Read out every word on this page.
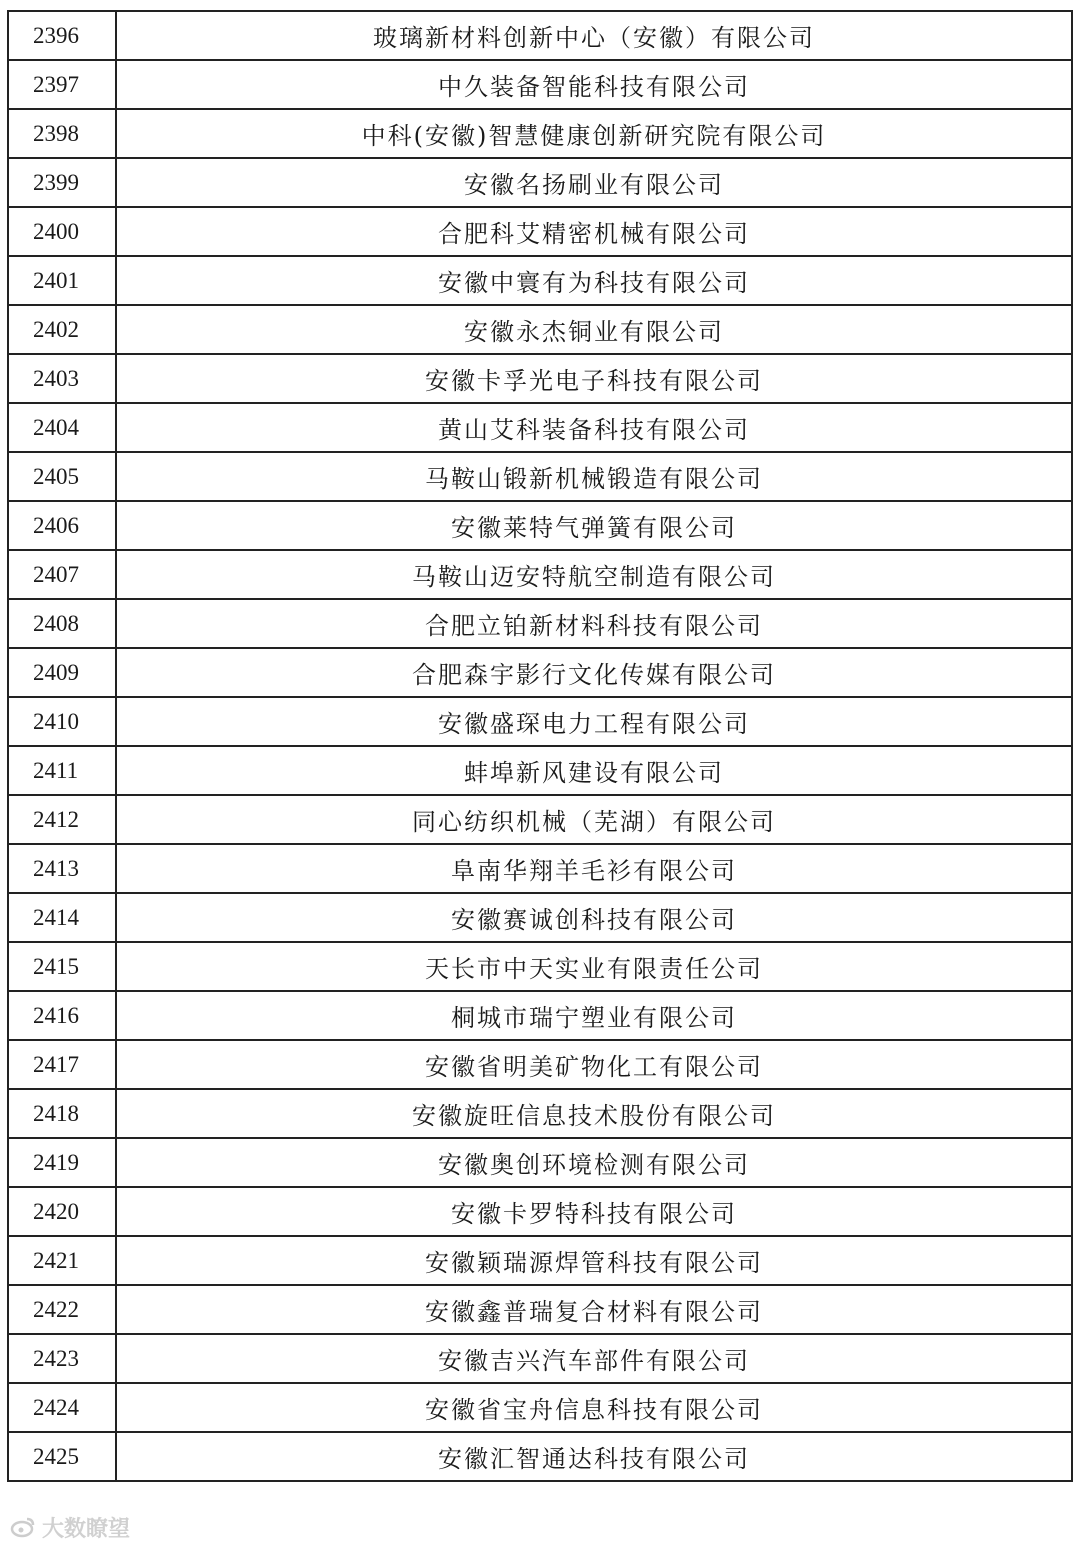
2396	玻璃新材料创新中心（安徽）有限公司
2397	中久装备智能科技有限公司
2398	中科(安徽)智慧健康创新研究院有限公司
2399	安徽名扬刷业有限公司
2400	合肥科艾精密机械有限公司
2401	安徽中寰有为科技有限公司
2402	安徽永杰铜业有限公司
2403	安徽卡孚光电子科技有限公司
2404	黄山艾科装备科技有限公司
2405	马鞍山锻新机械锻造有限公司
2406	安徽莱特气弹簧有限公司
2407	马鞍山迈安特航空制造有限公司
2408	合肥立铂新材料科技有限公司
2409	合肥森宇影行文化传媒有限公司
2410	安徽盛琛电力工程有限公司
2411	蚌埠新风建设有限公司
2412	同心纺织机械（芜湖）有限公司
2413	阜南华翔羊毛衫有限公司
2414	安徽赛诚创科技有限公司
2415	天长市中天实业有限责任公司
2416	桐城市瑞宁塑业有限公司
2417	安徽省明美矿物化工有限公司
2418	安徽旋旺信息技术股份有限公司
2419	安徽奥创环境检测有限公司
2420	安徽卡罗特科技有限公司
2421	安徽颖瑞源焊管科技有限公司
2422	安徽鑫普瑞复合材料有限公司
2423	安徽吉兴汽车部件有限公司
2424	安徽省宝舟信息科技有限公司
2425	安徽汇智通达科技有限公司
大数瞭望
